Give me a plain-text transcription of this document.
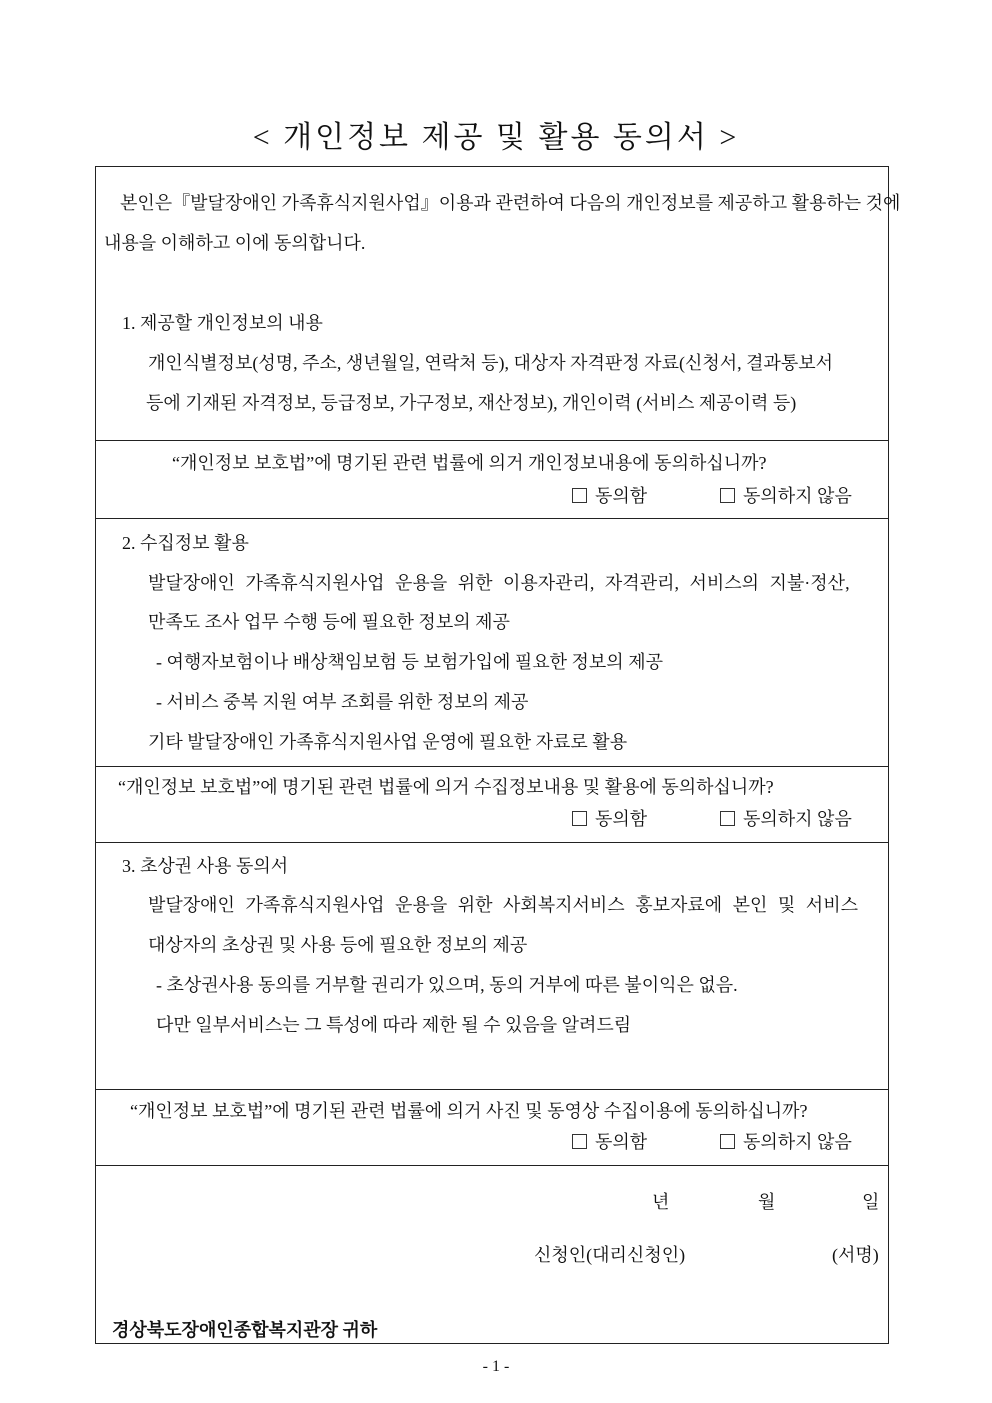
< 개인정보 제공 및 활용 동의서 >
본인은『발달장애인 가족휴식지원사업』이용과 관련하여 다음의 개인정보를 제공하고 활용하는 것에
내용을 이해하고 이에 동의합니다.
1. 제공할 개인정보의 내용
개인식별정보(성명, 주소, 생년월일, 연락처 등), 대상자 자격판정 자료(신청서, 결과통보서
등에 기재된 자격정보, 등급정보, 가구정보, 재산정보), 개인이력 (서비스 제공이력 등)
“개인정보 보호법”에 명기된 관련 법률에 의거 개인정보내용에 동의하십니까?
동의함	동의하지 않음
2. 수집정보 활용
발달장애인 가족휴식지원사업 운용을 위한 이용자관리, 자격관리, 서비스의 지불·정산,
만족도 조사 업무 수행 등에 필요한 정보의 제공
- 여행자보험이나 배상책임보험 등 보험가입에 필요한 정보의 제공
- 서비스 중복 지원 여부 조회를 위한 정보의 제공
기타 발달장애인 가족휴식지원사업 운영에 필요한 자료로 활용
“개인정보 보호법”에 명기된 관련 법률에 의거 수집정보내용 및 활용에 동의하십니까?
동의함	동의하지 않음
3. 초상권 사용 동의서
발달장애인 가족휴식지원사업 운용을 위한 사회복지서비스 홍보자료에 본인 및 서비스
대상자의 초상권 및 사용 등에 필요한 정보의 제공
- 초상권사용 동의를 거부할 권리가 있으며, 동의 거부에 따른 불이익은 없음.
다만 일부서비스는 그 특성에 따라 제한 될 수 있음을 알려드림
“개인정보 보호법”에 명기된 관련 법률에 의거 사진 및 동영상 수집이용에 동의하십니까?
동의함	동의하지 않음
년	월	일
신청인(대리신청인)	(서명)
경상북도장애인종합복지관장 귀하
- 1 -
